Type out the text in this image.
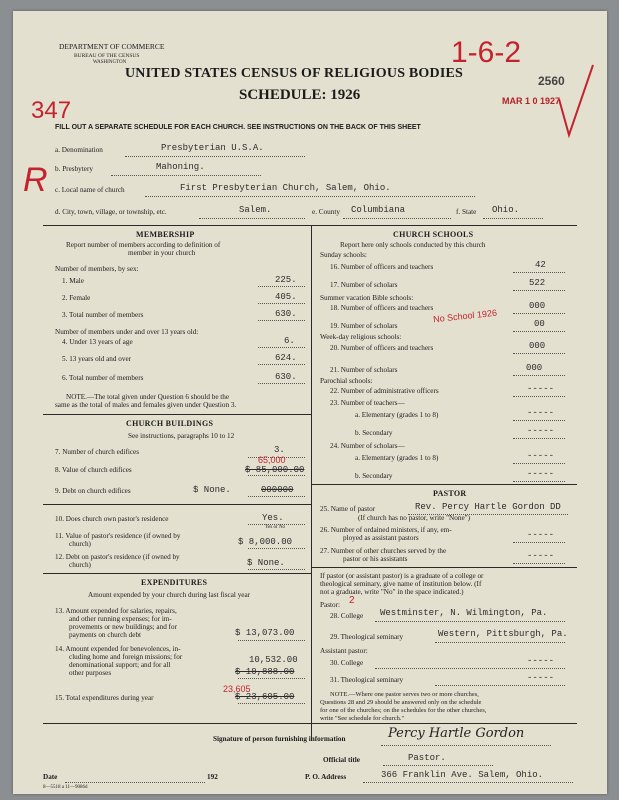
DEPARTMENT OF COMMERCE
BUREAU OF THE CENSUS
WASHINGTON
UNITED STATES CENSUS OF RELIGIOUS BODIES
SCHEDULE: 1926
FILL OUT A SEPARATE SCHEDULE FOR EACH CHURCH. SEE INSTRUCTIONS ON THE BACK OF THIS SHEET
2560
MAR 1 0 1927
1-6-2
347
R
a. Denomination	Presbyterian U.S.A.
b. Presbytery	Mahoning.
c. Local name of church	First Presbyterian Church, Salem, Ohio.
d. City, town, village, or township, etc.	Salem.	e. County Columbiana	f. State Ohio.
MEMBERSHIP
Report number of members according to definition of
member in your church
Number of members, by sex:
1. Male	225.
2. Female	405.
3. Total number of members	630.
Number of members under and over 13 years old:
4. Under 13 years of age	6.
5. 13 years old and over	624.
6. Total number of members	630.
NOTE.—The total given under Question 6 should be the
same as the total of males and females given under Question 3.
CHURCH BUILDINGS
See instructions, paragraphs 10 to 12
7. Number of church edifices	3.
8. Value of church edifices	$ 85,000.00
65,000
9. Debt on church edifices	$ None.	000000
10. Does church own pastor's residence	Yes.
Yes or No
11. Value of pastor's residence (if owned by
church)	$ 8,000.00
12. Debt on pastor's residence (if owned by
church)	$ None.
EXPENDITURES
Amount expended by your church during last fiscal year
13. Amount expended for salaries, repairs,
and other running expenses; for im-
provements or new buildings; and for
payments on church debt	$ 13,073.00
14. Amount expended for benevolences, in-
cluding home and foreign missions; for
denominational support; and for all
other purposes
10,532.00
$ 10,888.00
23,605
15. Total expenditures during year	$ 23,605.00
CHURCH SCHOOLS
Report here only schools conducted by this church
Sunday schools:
16. Number of officers and teachers	42
17. Number of scholars	522
Summer vacation Bible schools:
18. Number of officers and teachers	000
No School 1926
19. Number of scholars	00
Week-day religious schools:
20. Number of officers and teachers	000
21. Number of scholars	000
Parochial schools:
22. Number of administrative officers	-----
23. Number of teachers—
a. Elementary (grades 1 to 8)	-----
b. Secondary	-----
24. Number of scholars—
a. Elementary (grades 1 to 8)	-----
b. Secondary	-----
PASTOR
25. Name of pastor	Rev. Percy Hartle Gordon DD
(If church has no pastor, write "None")
26. Number of ordained ministers, if any, em-
ployed as assistant pastors	-----
27. Number of other churches served by the
pastor or his assistants	-----
If pastor (or assistant pastor) is a graduate of a college or
theological seminary, give name of institution below. (If
not a graduate, write "No" in the space indicated.)
Pastor: 2
28. College Westminster, N. Wilmington, Pa.
29. Theological seminary	Western, Pittsburgh, Pa.
Assistant pastor:
30. College	-----
31. Theological seminary	-----
NOTE.—Where one pastor serves two or more churches,
Questions 28 and 29 should be answered only on the schedule
for one of the churches; on the schedules for the other churches,
write "See schedule for church."
Signature of person furnishing information	Percy Hartle Gordon
Official title	Pastor.
Date	192	P. O. Address	366 Franklin Ave. Salem, Ohio.
8—5518 a 11—9086d
